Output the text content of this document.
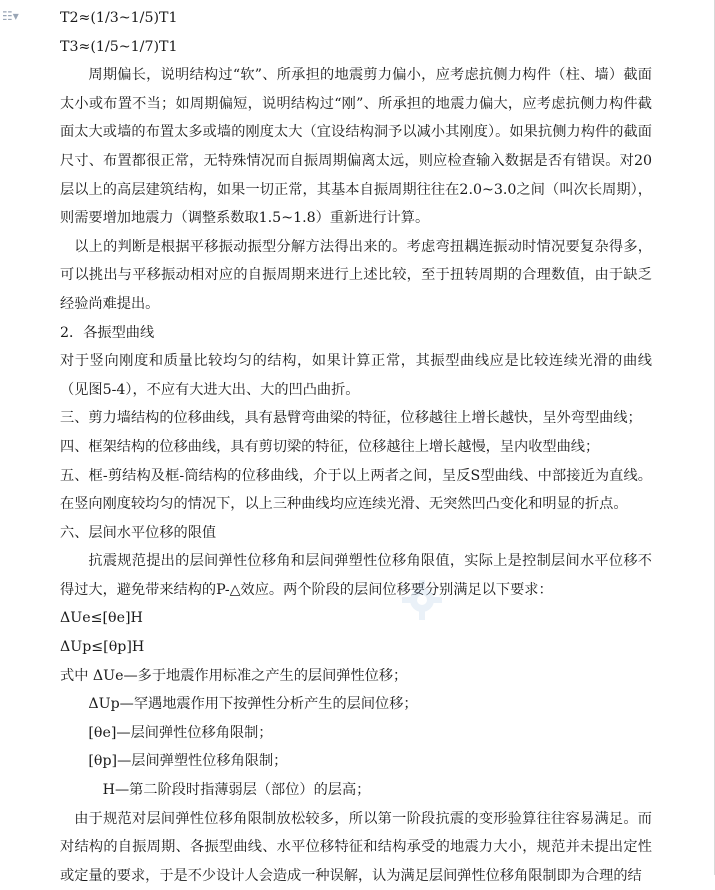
☷▾	T2≈(1/3~1/5)T1

T3≈(1/5~1/7)T1

周期偏长，说明结构过“软”、所承担的地震剪力偏小，应考虑抗侧力构件（柱、墙）截面太小或布置不当；如周期偏短，说明结构过“刚”、所承担的地震力偏大，应考虑抗侧力构件截面太大或墙的布置太多或墙的刚度太大（宜设结构洞予以减小其刚度）。如果抗侧力构件的截面尺寸、布置都很正常，无特殊情况而自振周期偏离太远，则应检查输入数据是否有错误。对20层以上的高层建筑结构，如果一切正常，其基本自振周期往往在2.0~3.0之间（叫次长周期），则需要增加地震力（调整系数取1.5~1.8）重新进行计算。

以上的判断是根据平移振动振型分解方法得出来的。考虑弯扭耦连振动时情况要复杂得多，可以挑出与平移振动相对应的自振周期来进行上述比较，至于扭转周期的合理数值，由于缺乏经验尚难提出。

2．各振型曲线

对于竖向刚度和质量比较均匀的结构，如果计算正常，其振型曲线应是比较连续光滑的曲线（见图5-4），不应有大进大出、大的凹凸曲折。

三、剪力墙结构的位移曲线，具有悬臂弯曲梁的特征，位移越往上增长越快，呈外弯型曲线；

四、框架结构的位移曲线，具有剪切梁的特征，位移越往上增长越慢，呈内收型曲线；

五、框-剪结构及框-筒结构的位移曲线，介于以上两者之间，呈反S型曲线、中部接近为直线。在竖向刚度较均匀的情况下，以上三种曲线均应连续光滑、无突然凹凸变化和明显的折点。

六、层间水平位移的限值

抗震规范提出的层间弹性位移角和层间弹塑性位移角限值，实际上是控制层间水平位移不得过大，避免带来结构的P-△效应。两个阶段的层间位移要分别满足以下要求：

ΔUe≤[θe]H

ΔUp≤[θp]H

式中 ΔUe—多于地震作用标准之产生的层间弹性位移；

ΔUp—罕遇地震作用下按弹性分析产生的层间位移；

[θe]—层间弹性位移角限制；

[θp]—层间弹塑性位移角限制；

H—第二阶段时指薄弱层（部位）的层高；

由于规范对层间弹性位移角限制放松较多，所以第一阶段抗震的变形验算往往容易满足。而对结构的自振周期、各振型曲线、水平位移特征和结构承受的地震力大小，规范并未提出定性或定量的要求，于是不少设计人会造成一种误解，认为满足层间弹性位移角限制即为合理的结
